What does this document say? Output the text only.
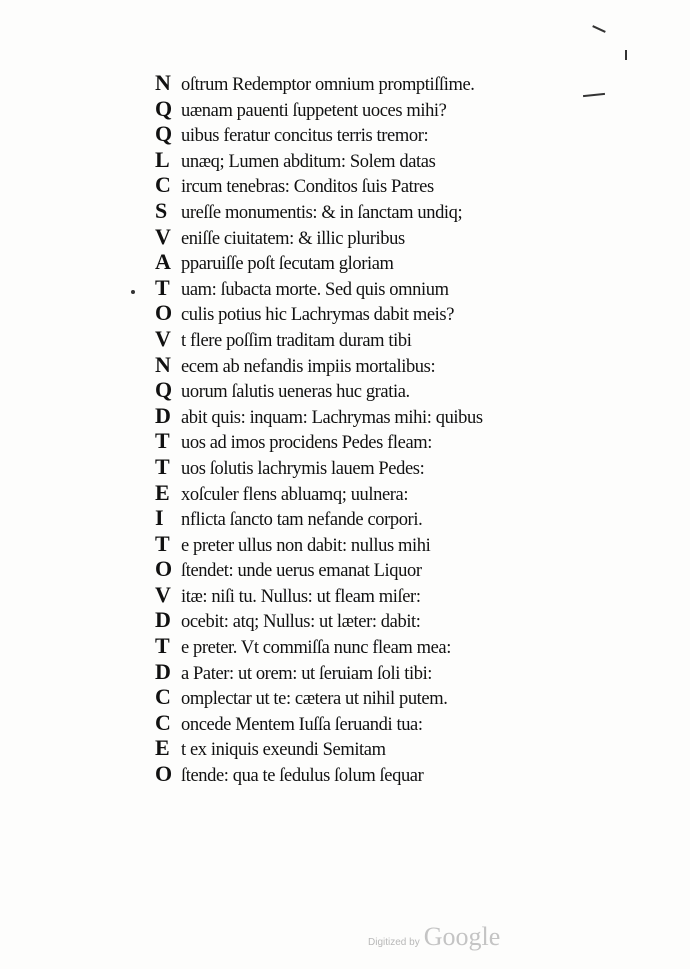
N oſtrum Redemptor omnium promptiſſime.
Q uænam pauenti ſuppetent uoces mihi?
Q uibus feratur concitus terris tremor:
L unæq; Lumen abditum: Solem datas
C ircum tenebras: Conditos ſuis Patres
S ureſſe monumentis: & in ſanctam undiq;
V eniſſe ciuitatem: & illic pluribus
A pparuiſſe poſt ſecutam gloriam
T uam: ſubacta morte. Sed quis omnium
O culis potius hic Lachrymas dabit meis?
V t flere poſſim traditam duram tibi
N ecem ab nefandis impiis mortalibus:
Q uorum ſalutis ueneras huc gratia.
D abit quis: inquam: Lachrymas mihi: quibus
T uos ad imos procidens Pedes fleam:
T uos ſolutis lachrymis lauem Pedes:
E xoſculer flens abluamq; uulnera:
I nflicta ſancto tam nefande corpori.
T e preter ullus non dabit: nullus mihi
O ſtendet: unde uerus emanat Liquor
V itæ: niſi tu. Nullus: ut fleam miſer:
D ocebit: atq; Nullus: ut læter: dabit:
T e preter. Vt commiſſa nunc fleam mea:
D a Pater: ut orem: ut ſeruiam ſoli tibi:
C omplectar ut te: cætera ut nihil putem.
C oncede Mentem Iuſſa ſeruandi tua:
E t ex iniquis exeundi Semitam
O ſtende: qua te ſedulus ſolum ſequar
Digitized by Google
